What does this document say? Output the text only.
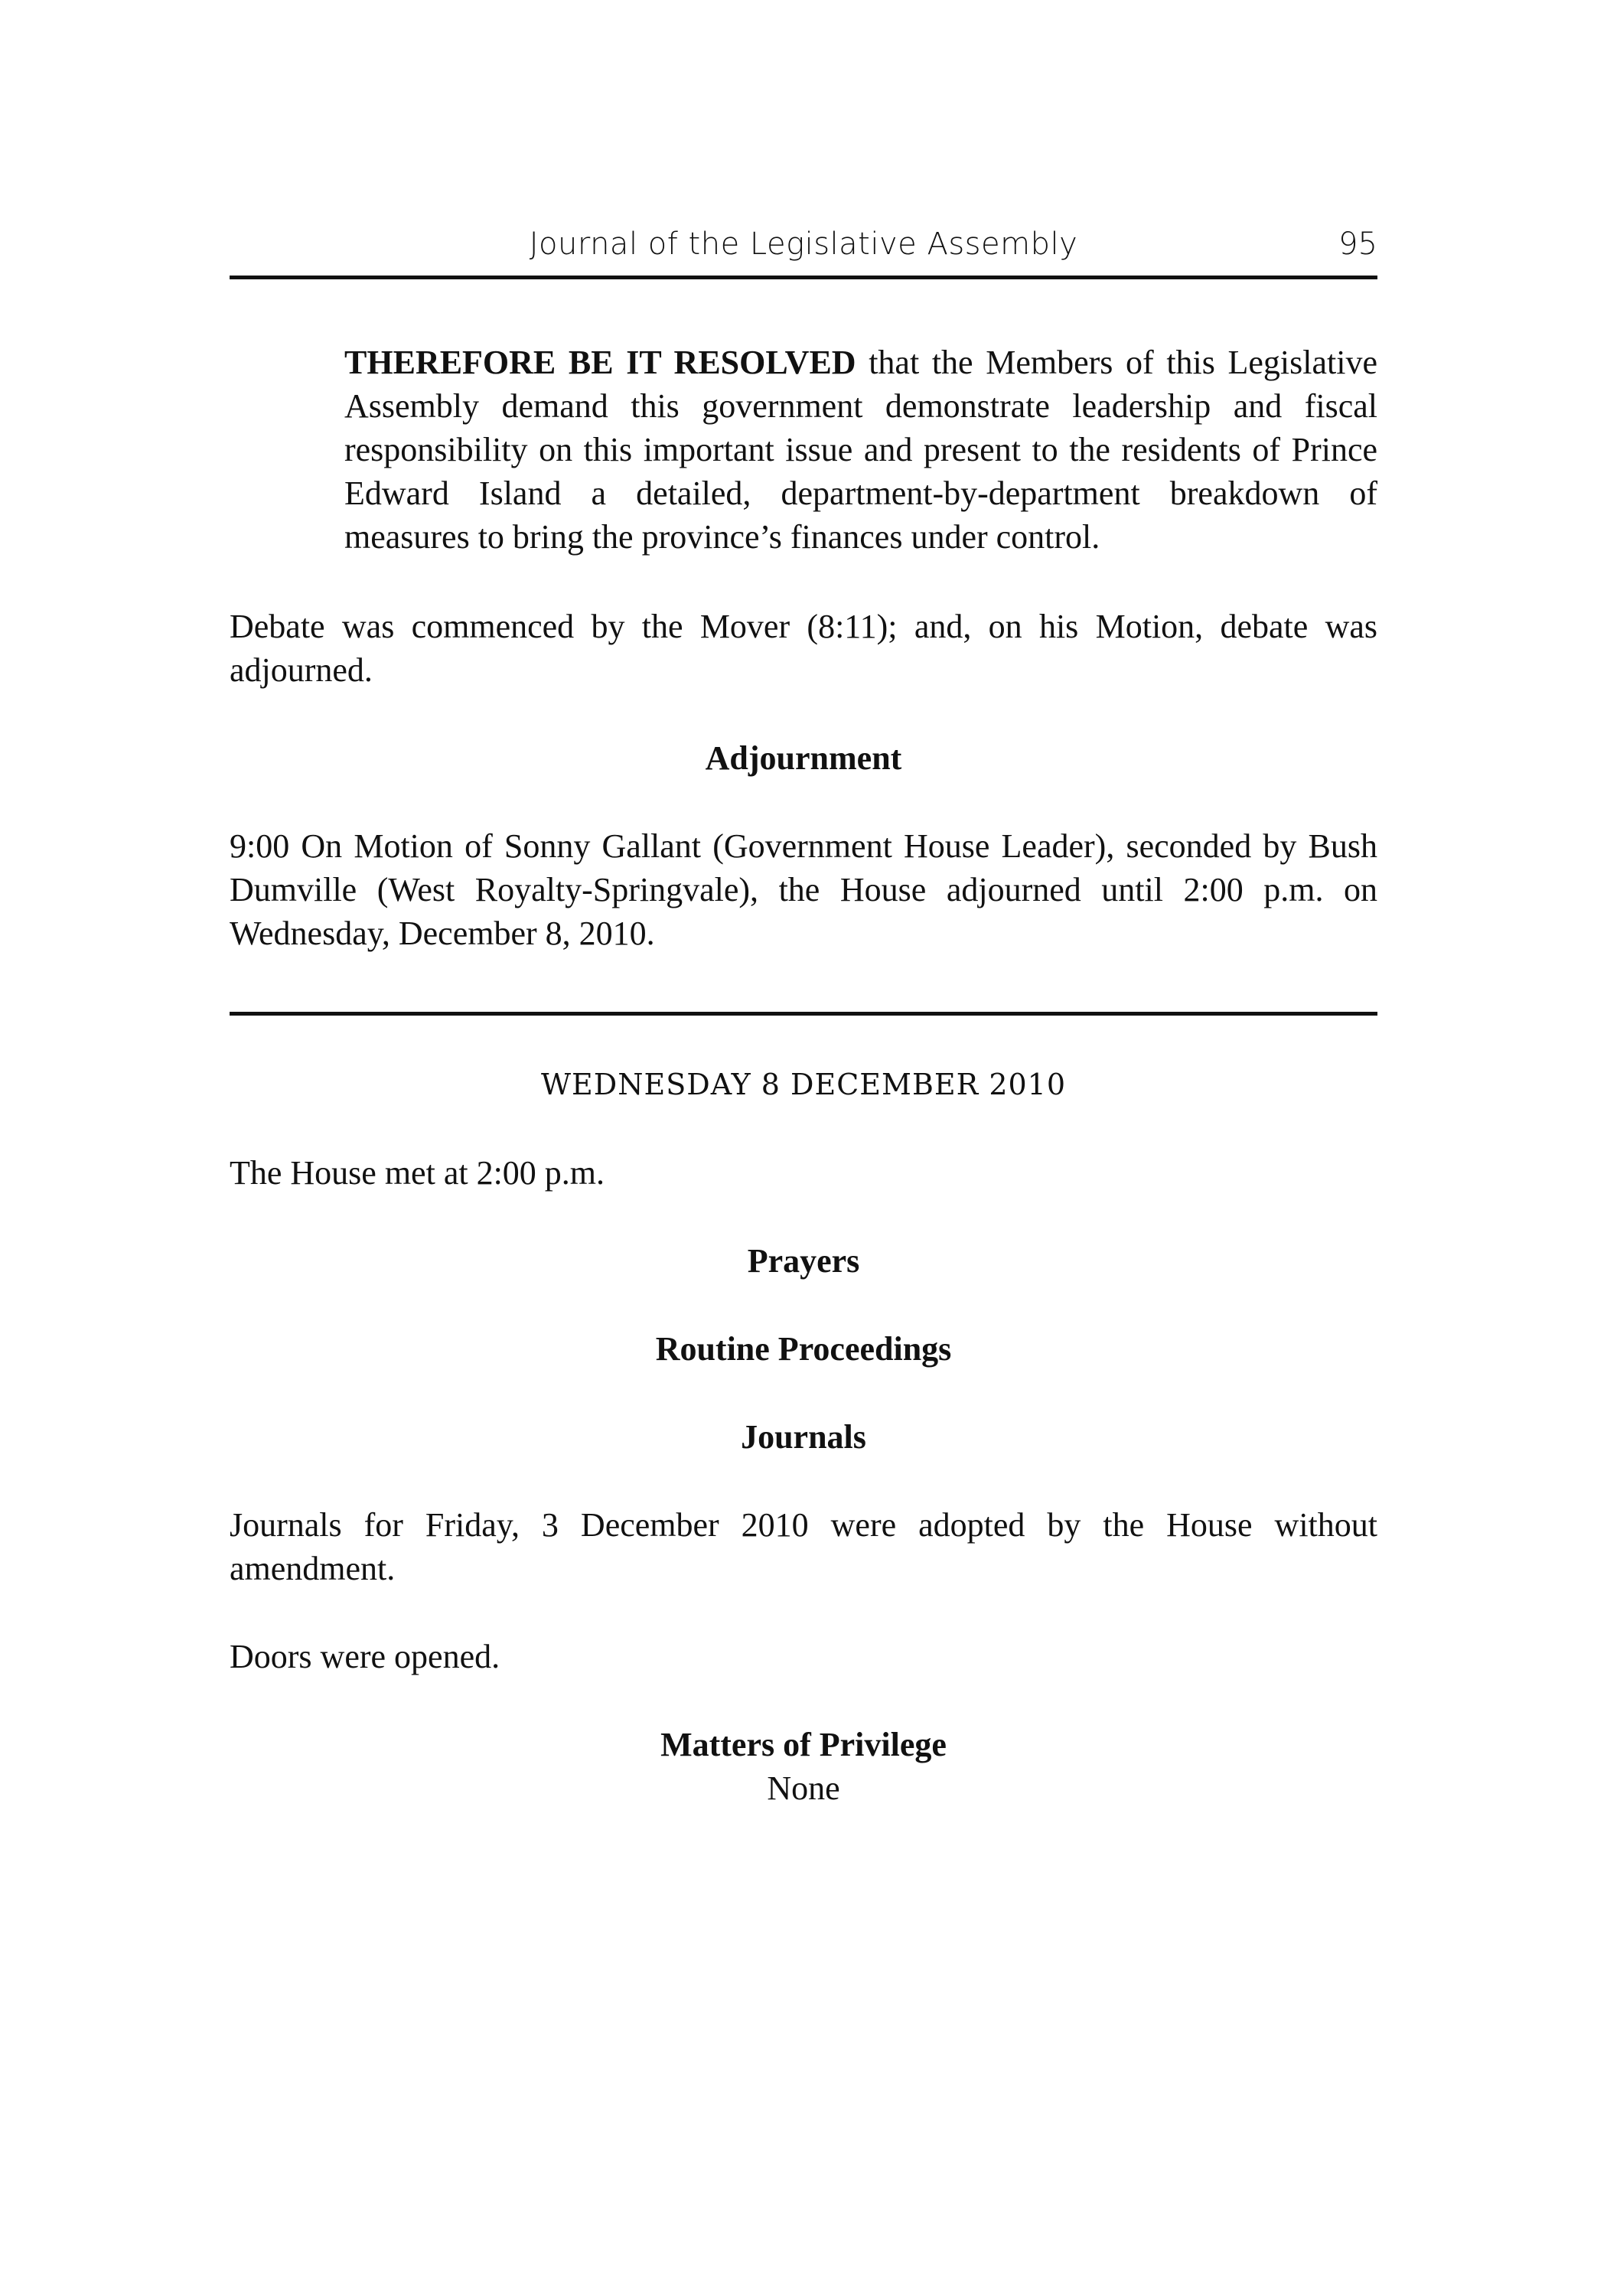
Journal of the Legislative Assembly	95

THEREFORE BE IT RESOLVED that the Members of this Legislative Assembly demand this government demonstrate leadership and fiscal responsibility on this important issue and present to the residents of Prince Edward Island a detailed, department-by-department breakdown of measures to bring the province’s finances under control.

Debate was commenced by the Mover (8:11); and, on his Motion, debate was adjourned.

Adjournment

9:00 On Motion of Sonny Gallant (Government House Leader), seconded by Bush Dumville (West Royalty-Springvale), the House adjourned until 2:00 p.m. on Wednesday, December 8, 2010.

WEDNESDAY 8 DECEMBER 2010

The House met at 2:00 p.m.

Prayers
Routine Proceedings
Journals

Journals for Friday, 3 December 2010 were adopted by the House without amendment.

Doors were opened.

Matters of Privilege

None
